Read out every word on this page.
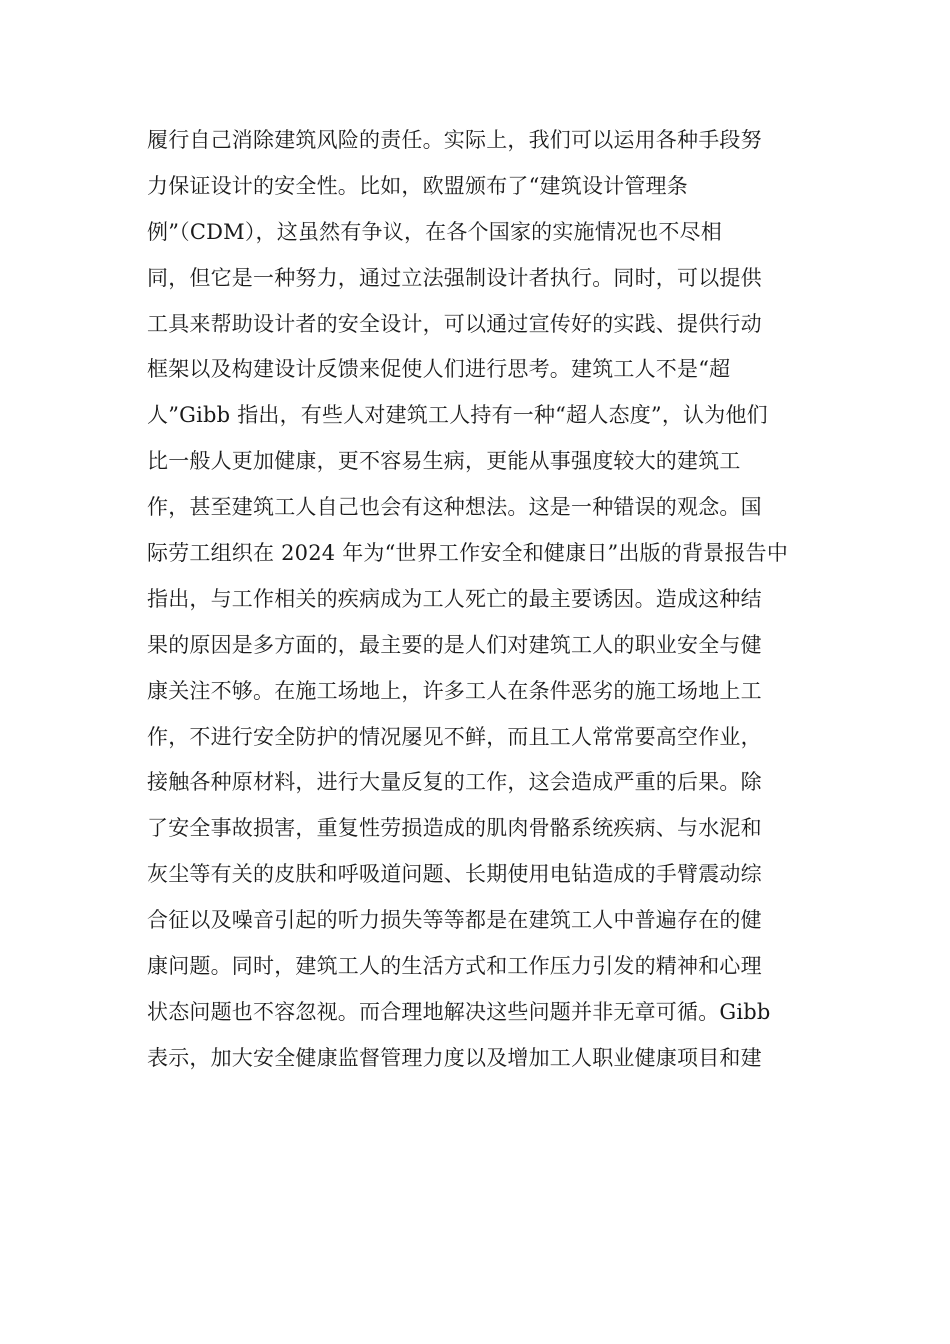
履行自己消除建筑风险的责任。实际上，我们可以运用各种手段努
力保证设计的安全性。比如，欧盟颁布了“建筑设计管理条
例”（CDM），这虽然有争议，在各个国家的实施情况也不尽相
同，但它是一种努力，通过立法强制设计者执行。同时，可以提供
工具来帮助设计者的安全设计，可以通过宣传好的实践、提供行动
框架以及构建设计反馈来促使人们进行思考。建筑工人不是“超
人”Gibb 指出，有些人对建筑工人持有一种“超人态度”，认为他们
比一般人更加健康，更不容易生病，更能从事强度较大的建筑工
作，甚至建筑工人自己也会有这种想法。这是一种错误的观念。国
际劳工组织在 2024 年为“世界工作安全和健康日”出版的背景报告中
指出，与工作相关的疾病成为工人死亡的最主要诱因。造成这种结
果的原因是多方面的，最主要的是人们对建筑工人的职业安全与健
康关注不够。在施工场地上，许多工人在条件恶劣的施工场地上工
作，不进行安全防护的情况屡见不鲜，而且工人常常要高空作业，
接触各种原材料，进行大量反复的工作，这会造成严重的后果。除
了安全事故损害，重复性劳损造成的肌肉骨骼系统疾病、与水泥和
灰尘等有关的皮肤和呼吸道问题、长期使用电钻造成的手臂震动综
合征以及噪音引起的听力损失等等都是在建筑工人中普遍存在的健
康问题。同时，建筑工人的生活方式和工作压力引发的精神和心理
状态问题也不容忽视。而合理地解决这些问题并非无章可循。Gibb
表示，加大安全健康监督管理力度以及增加工人职业健康项目和建
